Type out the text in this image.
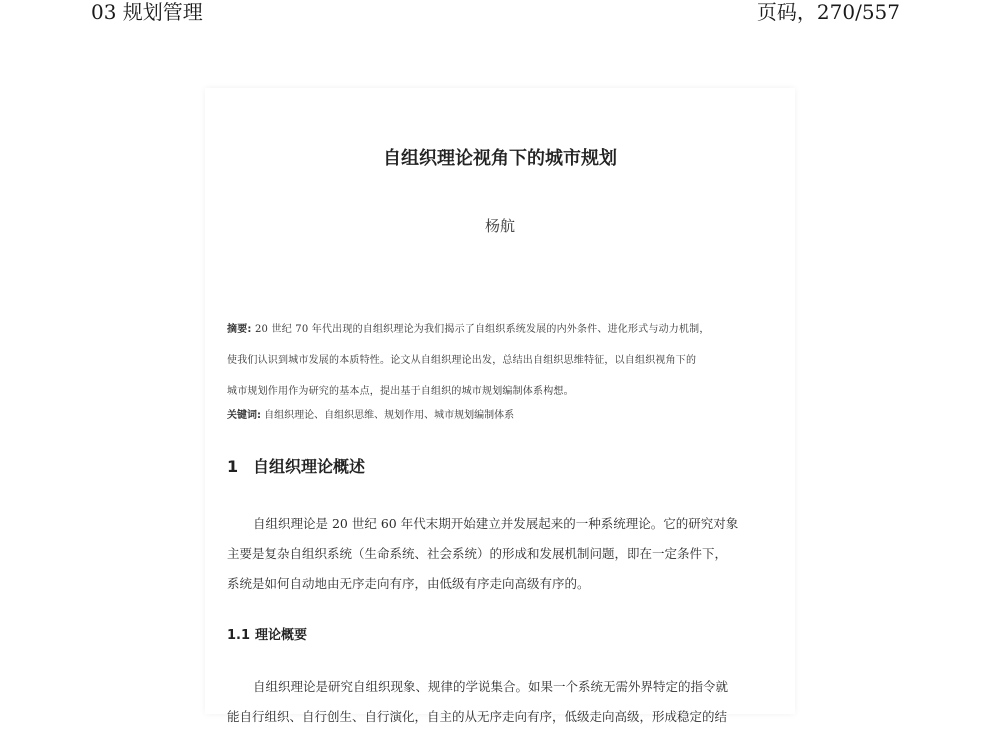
03 规划管理	页码，270/557
自组织理论视角下的城市规划
杨航
摘要: 20 世纪 70 年代出现的自组织理论为我们揭示了自组织系统发展的内外条件、进化形式与动力机制，
使我们认识到城市发展的本质特性。论文从自组织理论出发，总结出自组织思维特征，以自组织视角下的
城市规划作用作为研究的基本点，提出基于自组织的城市规划编制体系构想。
关键词: 自组织理论、自组织思维、规划作用、城市规划编制体系
1 自组织理论概述
自组织理论是 20 世纪 60 年代末期开始建立并发展起来的一种系统理论。它的研究对象
主要是复杂自组织系统（生命系统、社会系统）的形成和发展机制问题，即在一定条件下，
系统是如何自动地由无序走向有序，由低级有序走向高级有序的。
1.1 理论概要
自组织理论是研究自组织现象、规律的学说集合。如果一个系统无需外界特定的指令就
能自行组织、自行创生、自行演化，自主的从无序走向有序，低级走向高级，形成稳定的结
